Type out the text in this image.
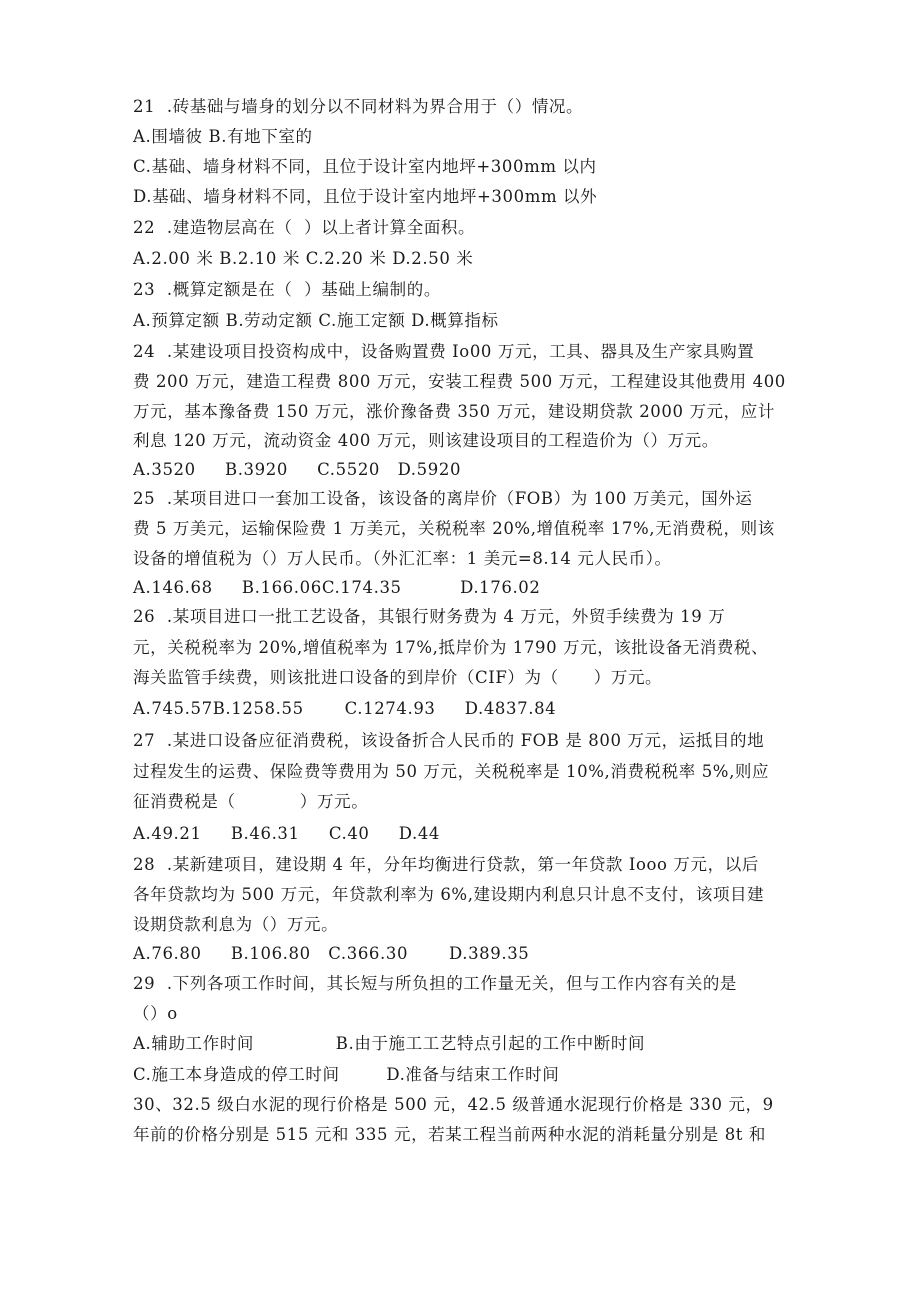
21  .砖基础与墙身的划分以不同材料为界合用于（）情况。

A.围墙彼 B.有地下室的

C.基础、墙身材料不同，且位于设计室内地坪+300mm 以内

D.基础、墙身材料不同，且位于设计室内地坪+300mm 以外

22  .建造物层高在（  ）以上者计算全面积。

A.2.00 米 B.2.10 米 C.2.20 米 D.2.50 米

23  .概算定额是在（  ）基础上编制的。

A.预算定额 B.劳动定额 C.施工定额 D.概算指标

24  .某建设项目投资构成中，设备购置费 Io00 万元，工具、器具及生产家具购置

费 200 万元，建造工程费 800 万元，安装工程费 500 万元，工程建设其他费用 400

万元，基本豫备费 150 万元，涨价豫备费 350 万元，建设期贷款 2000 万元，应计

利息 120 万元，流动资金 400 万元，则该建设项目的工程造价为（）万元。

A.3520     B.3920     C.5520   D.5920

25  .某项目进口一套加工设备，该设备的离岸价（FOB）为 100 万美元，国外运

费 5 万美元，运输保险费 1 万美元，关税税率 20%,增值税率 17%,无消费税，则该

设备的增值税为（）万人民币。（外汇汇率：1 美元=8.14 元人民币）。

A.146.68     B.166.06C.174.35          D.176.02

26  .某项目进口一批工艺设备，其银行财务费为 4 万元，外贸手续费为 19 万

元，关税税率为 20%,增值税率为 17%,抵岸价为 1790 万元，该批设备无消费税、

海关监管手续费，则该批进口设备的到岸价（CIF）为（      ）万元。

A.745.57B.1258.55       C.1274.93     D.4837.84

27  .某进口设备应征消费税，该设备折合人民币的 FOB 是 800 万元，运抵目的地

过程发生的运费、保险费等费用为 50 万元，关税税率是 10%,消费税税率 5%,则应

征消费税是（           ）万元。

A.49.21     B.46.31     C.40     D.44

28  .某新建项目，建设期 4 年，分年均衡进行贷款，第一年贷款 Iooo 万元，以后

各年贷款均为 500 万元，年贷款利率为 6%,建设期内利息只计息不支付，该项目建

设期贷款利息为（）万元。

A.76.80     B.106.80   C.366.30       D.389.35

29  .下列各项工作时间，其长短与所负担的工作量无关，但与工作内容有关的是

（）o

A.辅助工作时间              B.由于施工工艺特点引起的工作中断时间

C.施工本身造成的停工时间        D.准备与结束工作时间

30、32.5 级白水泥的现行价格是 500 元，42.5 级普通水泥现行价格是 330 元，9

年前的价格分别是 515 元和 335 元，若某工程当前两种水泥的消耗量分别是 8t 和
